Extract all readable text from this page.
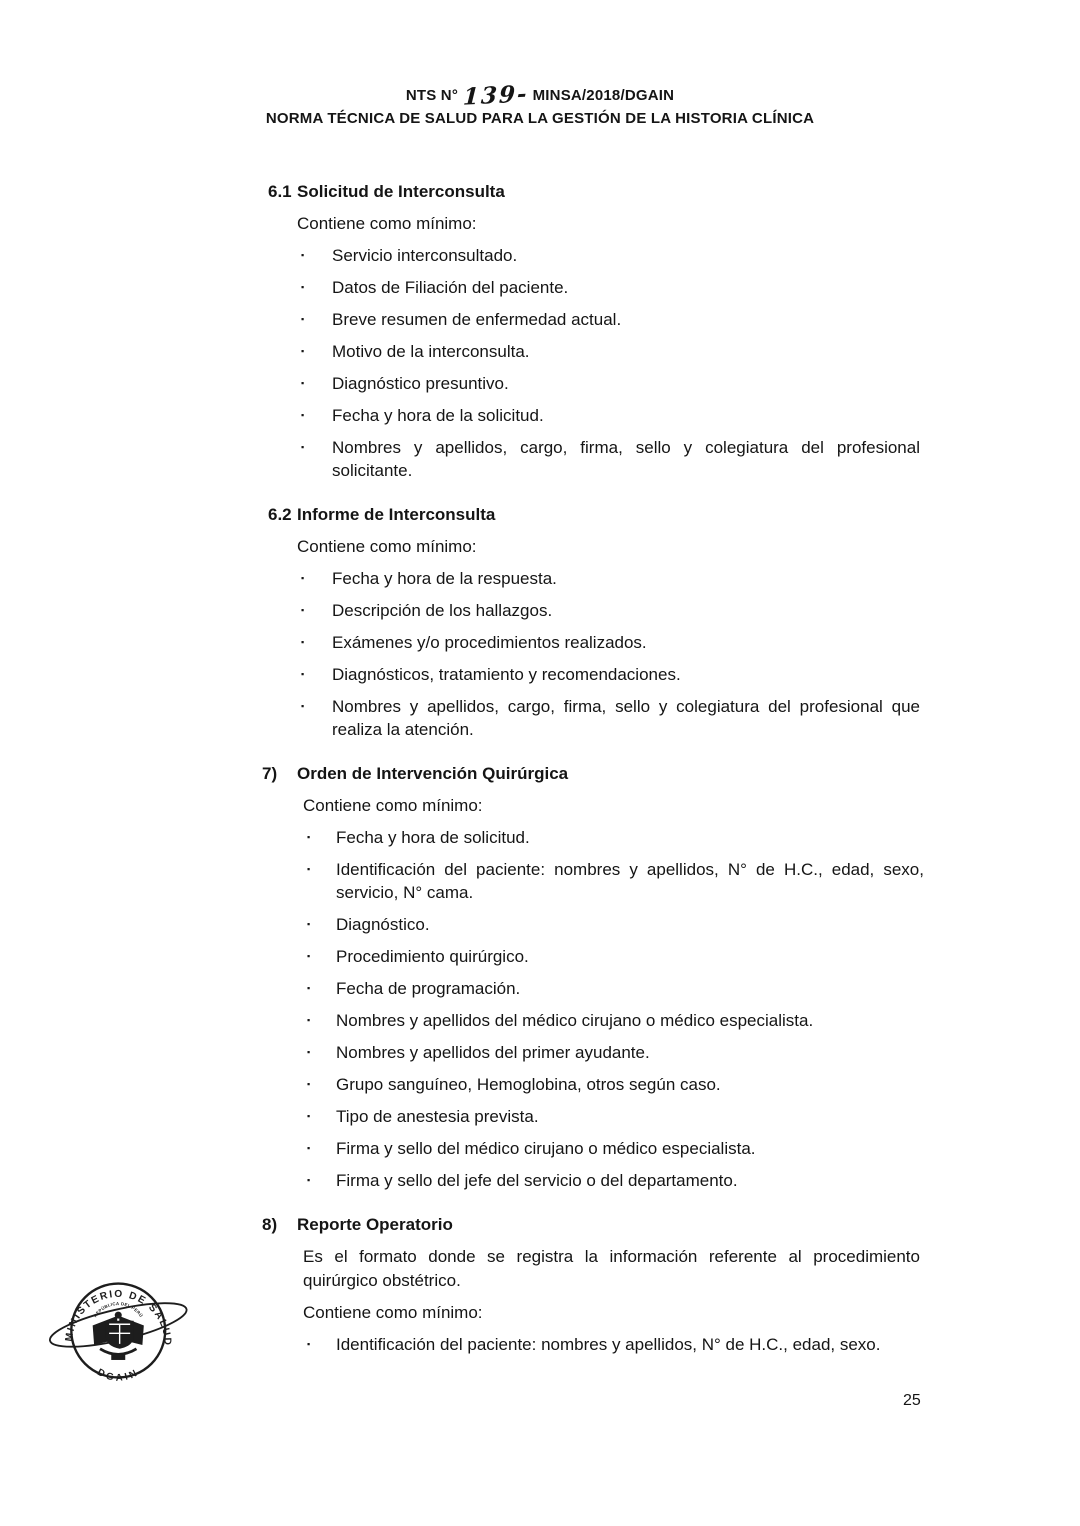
NTS N° 139- MINSA/2018/DGAIN
NORMA TÉCNICA DE SALUD PARA LA GESTIÓN DE LA HISTORIA CLÍNICA
6.1 Solicitud de Interconsulta
Contiene como mínimo:
▪	Servicio interconsultado.
▪	Datos de Filiación del paciente.
▪	Breve resumen de enfermedad actual.
▪	Motivo de la interconsulta.
▪	Diagnóstico presuntivo.
▪	Fecha y hora de la solicitud.
▪	Nombres y apellidos, cargo, firma, sello y colegiatura del profesional solicitante.
6.2 Informe de Interconsulta
Contiene como mínimo:
▪	Fecha y hora de la respuesta.
▪	Descripción de los hallazgos.
▪	Exámenes y/o procedimientos realizados.
▪	Diagnósticos, tratamiento y recomendaciones.
▪	Nombres y apellidos, cargo, firma, sello y colegiatura del profesional que realiza la atención.
7)	Orden de Intervención Quirúrgica
Contiene como mínimo:
▪	Fecha y hora de solicitud.
▪	Identificación del paciente: nombres y apellidos, N° de H.C., edad, sexo, servicio, N° cama.
▪	Diagnóstico.
▪	Procedimiento quirúrgico.
▪	Fecha de programación.
▪	Nombres y apellidos del médico cirujano o médico especialista.
▪	Nombres y apellidos del primer ayudante.
▪	Grupo sanguíneo, Hemoglobina, otros según caso.
▪	Tipo de anestesia prevista.
▪	Firma y sello del médico cirujano o médico especialista.
▪	Firma y sello del jefe del servicio o del departamento.
8)	Reporte Operatorio
Es el formato donde se registra la información referente al procedimiento quirúrgico obstétrico.
Contiene como mínimo:
▪	Identificación del paciente: nombres y apellidos, N° de H.C., edad, sexo.
MINISTERIO DE SALUD
DGAIN
REPÚBLICA DEL PERÚ
25
